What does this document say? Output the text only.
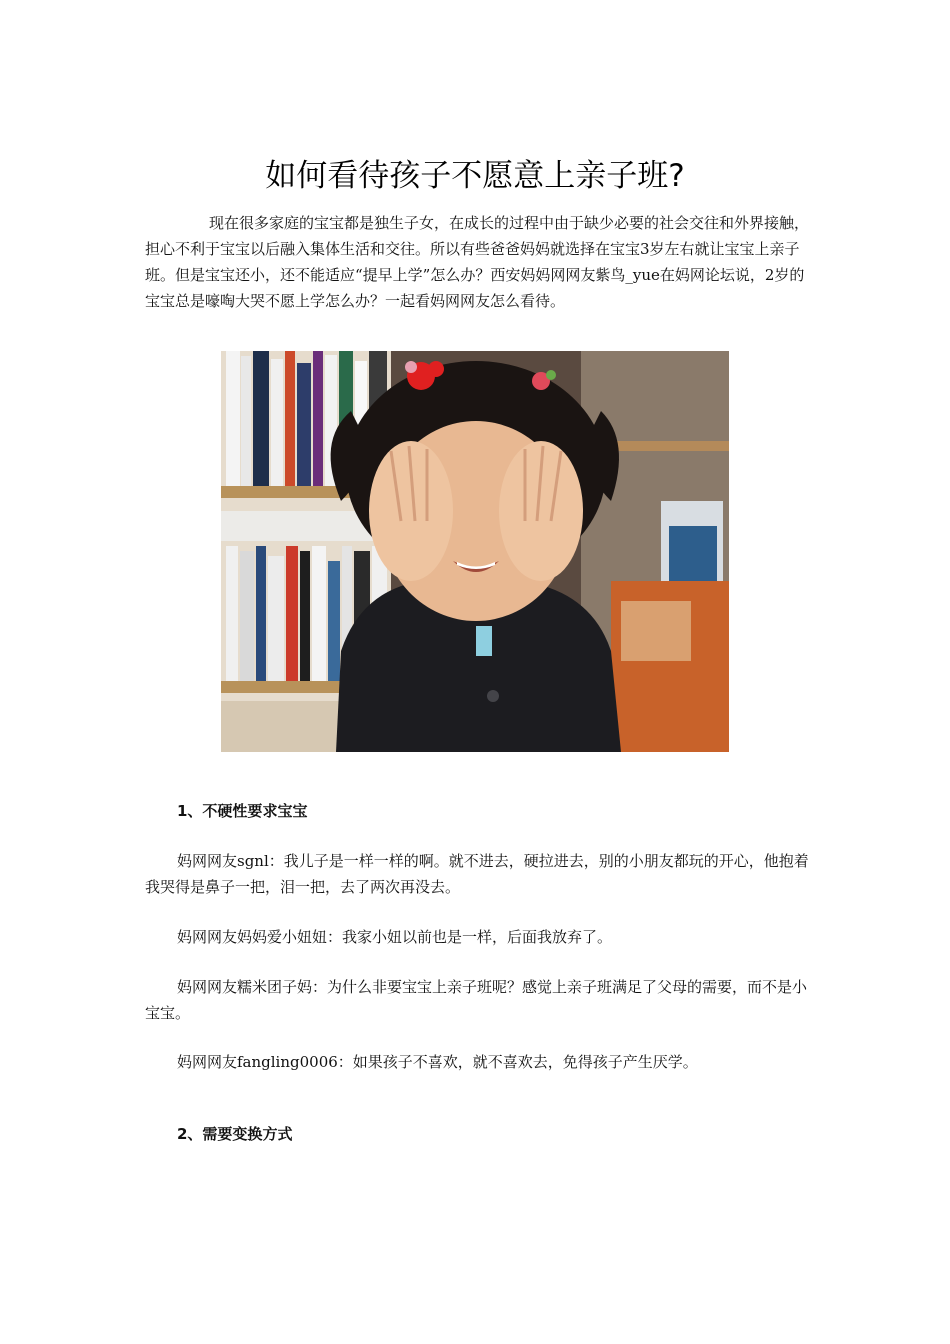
如何看待孩子不愿意上亲子班?

现在很多家庭的宝宝都是独生子女，在成长的过程中由于缺少必要的社会交往和外界接触，担心不利于宝宝以后融入集体生活和交往。所以有些爸爸妈妈就选择在宝宝3岁左右就让宝宝上亲子班。但是宝宝还小，还不能适应“提早上学”怎么办？西安妈妈网网友紫鸟_yue在妈网论坛说，2岁的宝宝总是嚎啕大哭不愿上学怎么办？一起看妈网网友怎么看待。

1、不硬性要求宝宝

妈网网友sgnl：我儿子是一样一样的啊。就不进去，硬拉进去，别的小朋友都玩的开心，他抱着我哭得是鼻子一把，泪一把，去了两次再没去。

妈网网友妈妈爱小妞妞：我家小妞以前也是一样，后面我放弃了。

妈网网友糯米团子妈：为什么非要宝宝上亲子班呢？感觉上亲子班满足了父母的需要，而不是小宝宝。

妈网网友fangling0006：如果孩子不喜欢，就不喜欢去，免得孩子产生厌学。

2、需要变换方式
